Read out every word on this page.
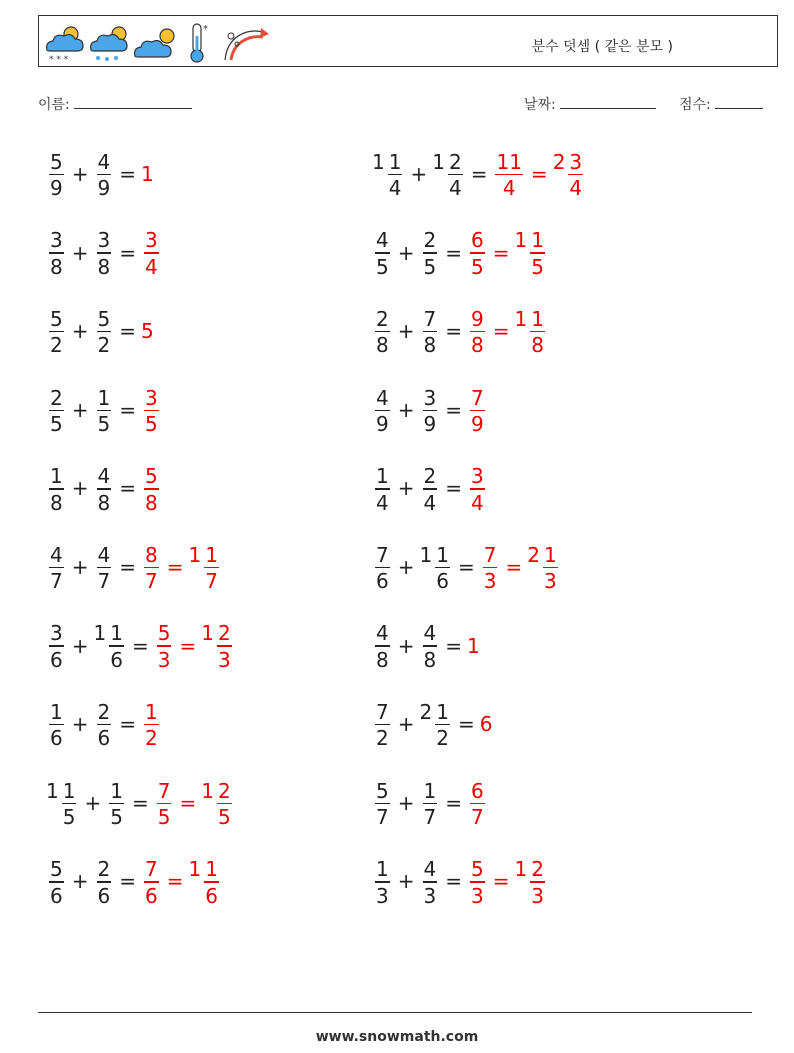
* * *
*
분수 덧셈 ( 같은 분모 )
이름:	날짜:	점수:
$\frac{5}{9} + \frac{4}{9} = 1$
$1 \frac{1}{4}$ +
$1 \frac{2}{4} = \frac{11}{4}$ =
$2 \frac{3}{4}$
$\frac{3}{8} + \frac{3}{8} = \frac{3}{4}$	$\frac{4}{5} + \frac{2}{5} = \frac{6}{5}$ =
$1 \frac{1}{5}$
$\frac{5}{2} + \frac{5}{2} = 5$	$\frac{2}{8} + \frac{7}{8} = \frac{9}{8}$ =
$1 \frac{1}{8}$
$\frac{2}{5} + \frac{1}{5} = \frac{3}{5}$	$\frac{4}{9} + \frac{3}{9} = \frac{7}{9}$
$\frac{1}{8} + \frac{4}{8} = \frac{5}{8}$	$\frac{1}{4} + \frac{2}{4} = \frac{3}{4}$
$\frac{4}{7} + \frac{4}{7} = \frac{8}{7}$ =
$1 \frac{1}{7}$	$\frac{7}{6}$ +
$1 \frac{1}{6} = \frac{7}{3}$ =
$2 \frac{1}{3}$
$\frac{3}{6}$ +
$1 \frac{1}{6} = \frac{5}{3}$ =
$1 \frac{2}{3}$	$\frac{4}{8} + \frac{4}{8} = 1$
$\frac{1}{6} + \frac{2}{6} = \frac{1}{2}$	$\frac{7}{2}$ +
$2 \frac{1}{2} = 6$
$1 \frac{1}{5} + \frac{1}{5} = \frac{7}{5}$ =
$1 \frac{2}{5}$	$\frac{5}{7} + \frac{1}{7} = \frac{6}{7}$
$\frac{5}{6} + \frac{2}{6} = \frac{7}{6}$ =
$1 \frac{1}{6}$	$\frac{1}{3} + \frac{4}{3} = \frac{5}{3}$ =
$1 \frac{2}{3}$
www.snowmath.com
